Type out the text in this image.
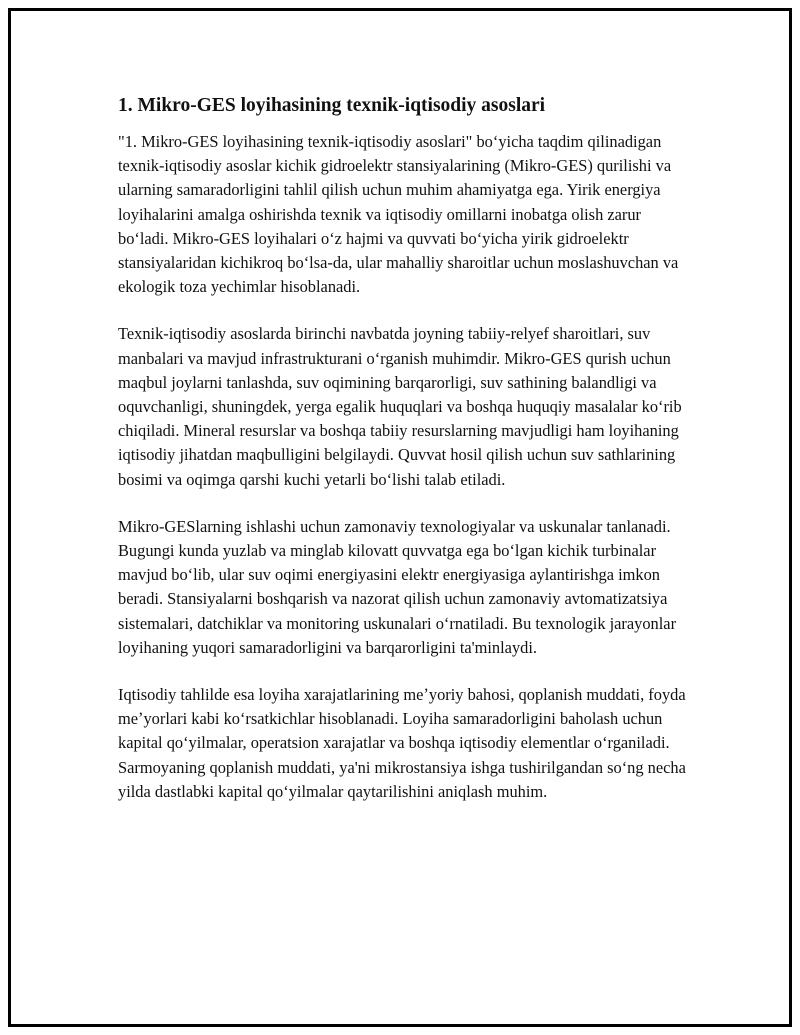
1. Mikro-GES loyihasining texnik-iqtisodiy asoslari

"1. Mikro-GES loyihasining texnik-iqtisodiy asoslari" boʻyicha taqdim qilinadigan texnik-iqtisodiy asoslar kichik gidroelektr stansiyalarining (Mikro-GES) qurilishi va ularning samaradorligini tahlil qilish uchun muhim ahamiyatga ega. Yirik energiya loyihalarini amalga oshirishda texnik va iqtisodiy omillarni inobatga olish zarur boʻladi. Mikro-GES loyihalari oʻz hajmi va quvvati boʻyicha yirik gidroelektr stansiyalaridan kichikroq boʻlsa-da, ular mahalliy sharoitlar uchun moslashuvchan va ekologik toza yechimlar hisoblanadi.

Texnik-iqtisodiy asoslarda birinchi navbatda joyning tabiiy-relyef sharoitlari, suv manbalari va mavjud infrastrukturani oʻrganish muhimdir. Mikro-GES qurish uchun maqbul joylarni tanlashda, suv oqimining barqarorligi, suv sathining balandligi va oquvchanligi, shuningdek, yerga egalik huquqlari va boshqa huquqiy masalalar koʻrib chiqiladi. Mineral resurslar va boshqa tabiiy resurslarning mavjudligi ham loyihaning iqtisodiy jihatdan maqbulligini belgilaydi. Quvvat hosil qilish uchun suv sathlarining bosimi va oqimga qarshi kuchi yetarli boʻlishi talab etiladi.

Mikro-GESlarning ishlashi uchun zamonaviy texnologiyalar va uskunalar tanlanadi. Bugungi kunda yuzlab va minglab kilovatt quvvatga ega boʻlgan kichik turbinalar mavjud boʻlib, ular suv oqimi energiyasini elektr energiyasiga aylantirishga imkon beradi. Stansiyalarni boshqarish va nazorat qilish uchun zamonaviy avtomatizatsiya sistemalari, datchiklar va monitoring uskunalari oʻrnatiladi. Bu texnologik jarayonlar loyihaning yuqori samaradorligini va barqarorligini ta'minlaydi.

Iqtisodiy tahlilde esa loyiha xarajatlarining meʼyoriy bahosi, qoplanish muddati, foyda meʼyorlari kabi koʻrsatkichlar hisoblanadi. Loyiha samaradorligini baholash uchun kapital qoʻyilmalar, operatsion xarajatlar va boshqa iqtisodiy elementlar oʻrganiladi. Sarmoyaning qoplanish muddati, ya'ni mikrostansiya ishga tushirilgandan soʻng necha yilda dastlabki kapital qoʻyilmalar qaytarilishini aniqlash muhim.
